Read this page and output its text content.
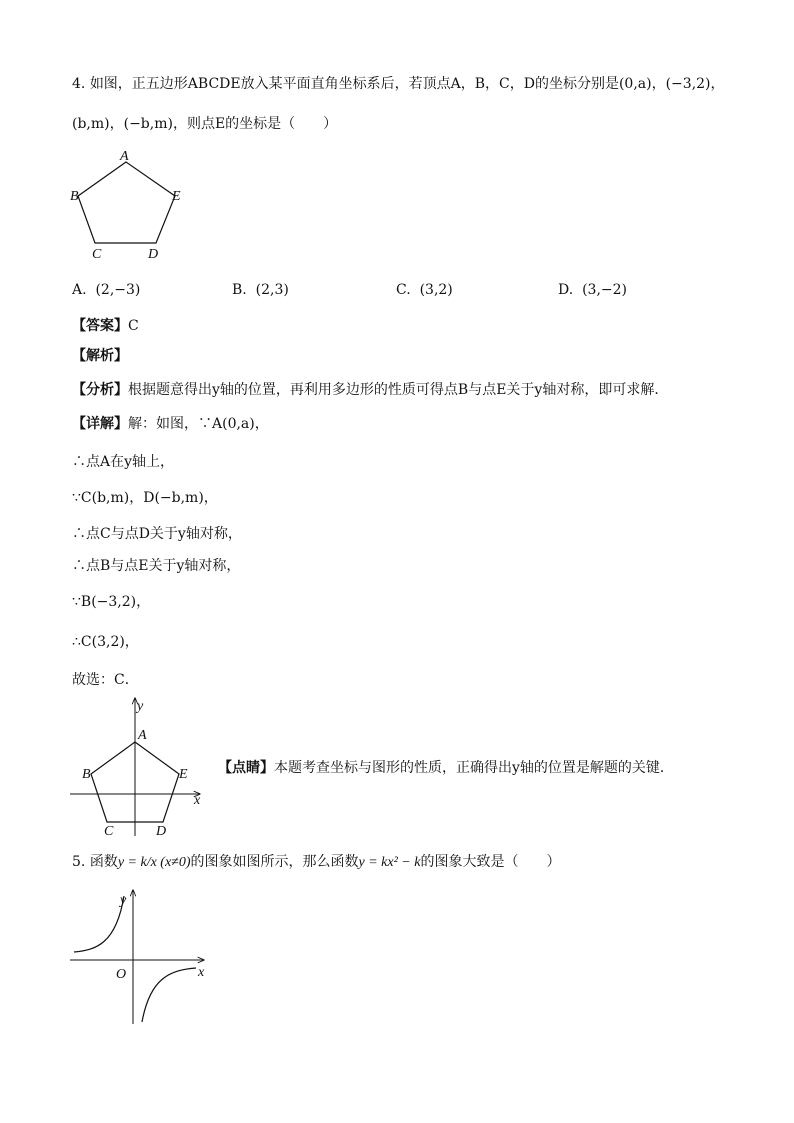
4. 如图，正五边形ABCDE放入某平面直角坐标系后，若顶点A，B，C，D的坐标分别是(0,a)，(−3,2)，
(b,m)，(−b,m)，则点E的坐标是（　　）
A
B	E
C	D
A. (2,−3)	B. (2,3)	C. (3,2)	D. (3,−2)
【答案】C
【解析】
【分析】根据题意得出y轴的位置，再利用多边形的性质可得点B与点E关于y轴对称，即可求解．
【详解】解：如图，∵A(0,a)，
∴点A在y轴上，
∵C(b,m)，D(−b,m)，
∴点C与点D关于y轴对称，
∴点B与点E关于y轴对称，
∵B(−3,2)，
∴C(3,2)，
故选：C．
y
x
A
B	E
C	D
【点睛】本题考查坐标与图形的性质，正确得出y轴的位置是解题的关键．
5. 函数y = k/x (x≠0)的图象如图所示，那么函数y = kx² − k的图象大致是（　　）
y
x
O
